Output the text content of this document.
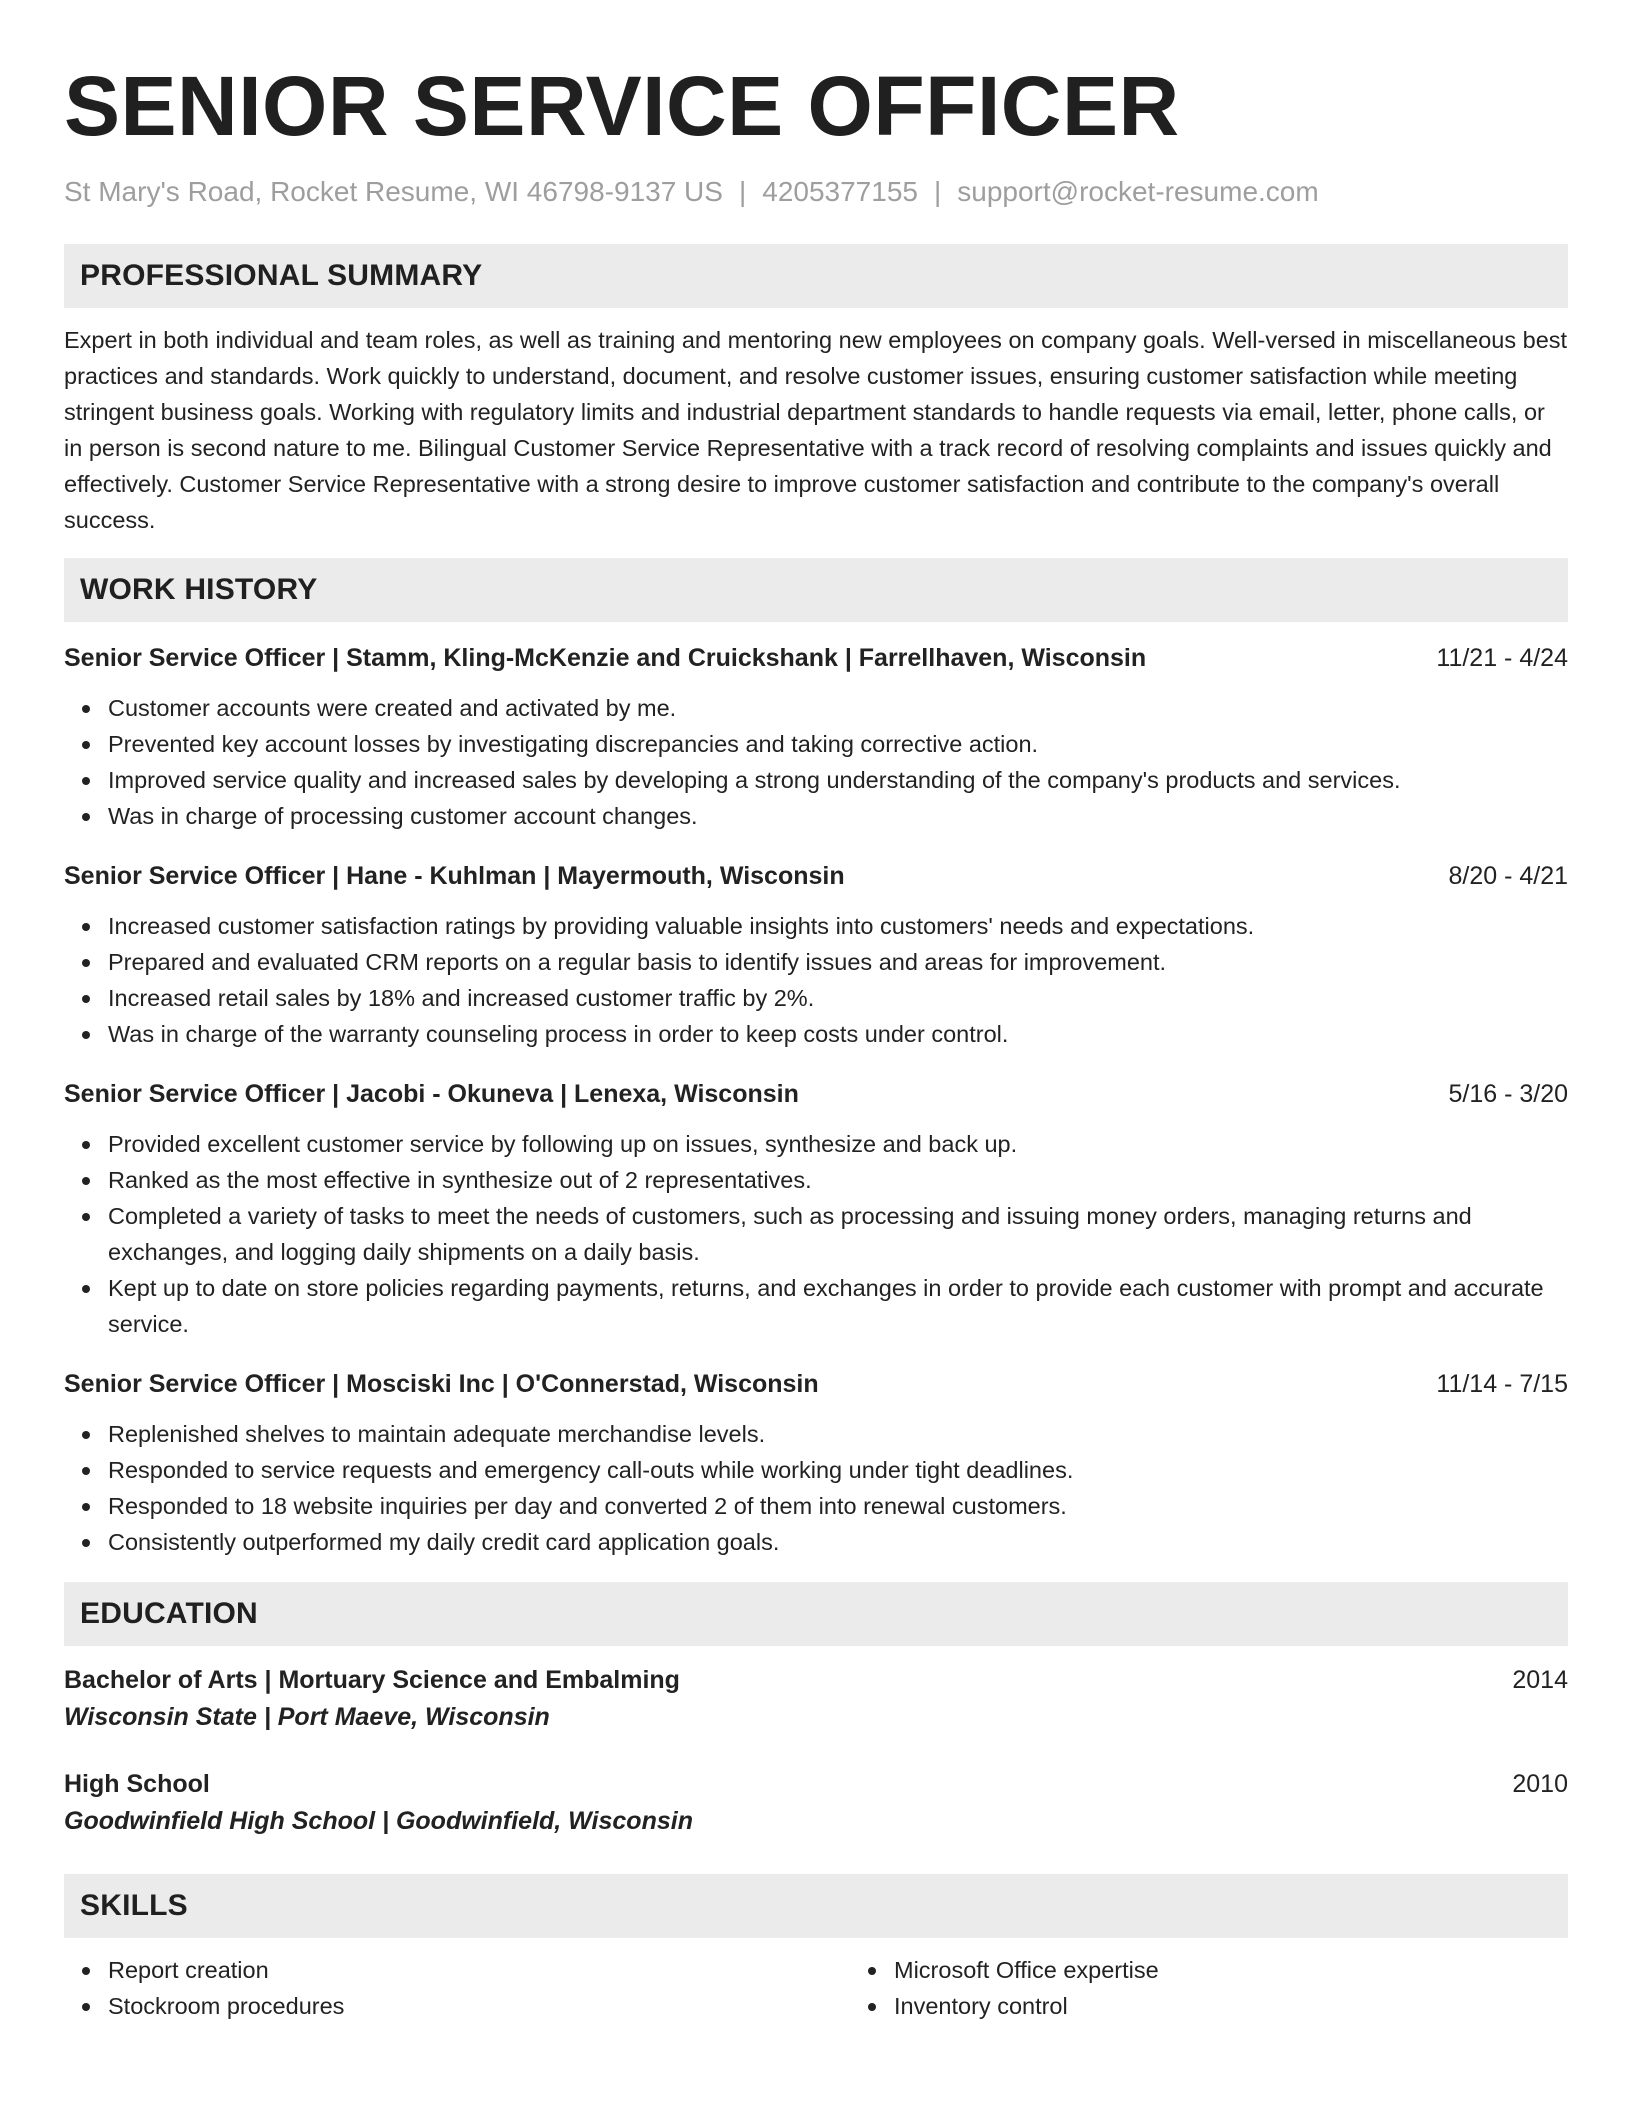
SENIOR SERVICE OFFICER
St Mary's Road, Rocket Resume, WI 46798-9137 US | 4205377155 | support@rocket-resume.com
PROFESSIONAL SUMMARY
Expert in both individual and team roles, as well as training and mentoring new employees on company goals. Well-versed in miscellaneous best practices and standards. Work quickly to understand, document, and resolve customer issues, ensuring customer satisfaction while meeting stringent business goals. Working with regulatory limits and industrial department standards to handle requests via email, letter, phone calls, or in person is second nature to me. Bilingual Customer Service Representative with a track record of resolving complaints and issues quickly and effectively. Customer Service Representative with a strong desire to improve customer satisfaction and contribute to the company's overall success.
WORK HISTORY
Senior Service Officer | Stamm, Kling-McKenzie and Cruickshank | Farrellhaven, Wisconsin	11/21 - 4/24
Customer accounts were created and activated by me.
Prevented key account losses by investigating discrepancies and taking corrective action.
Improved service quality and increased sales by developing a strong understanding of the company's products and services.
Was in charge of processing customer account changes.
Senior Service Officer | Hane - Kuhlman | Mayermouth, Wisconsin	8/20 - 4/21
Increased customer satisfaction ratings by providing valuable insights into customers' needs and expectations.
Prepared and evaluated CRM reports on a regular basis to identify issues and areas for improvement.
Increased retail sales by 18% and increased customer traffic by 2%.
Was in charge of the warranty counseling process in order to keep costs under control.
Senior Service Officer | Jacobi - Okuneva | Lenexa, Wisconsin	5/16 - 3/20
Provided excellent customer service by following up on issues, synthesize and back up.
Ranked as the most effective in synthesize out of 2 representatives.
Completed a variety of tasks to meet the needs of customers, such as processing and issuing money orders, managing returns and exchanges, and logging daily shipments on a daily basis.
Kept up to date on store policies regarding payments, returns, and exchanges in order to provide each customer with prompt and accurate service.
Senior Service Officer | Mosciski Inc | O'Connerstad, Wisconsin	11/14 - 7/15
Replenished shelves to maintain adequate merchandise levels.
Responded to service requests and emergency call-outs while working under tight deadlines.
Responded to 18 website inquiries per day and converted 2 of them into renewal customers.
Consistently outperformed my daily credit card application goals.
EDUCATION
Bachelor of Arts | Mortuary Science and Embalming	2014
Wisconsin State | Port Maeve, Wisconsin
High School	2010
Goodwinfield High School | Goodwinfield, Wisconsin
SKILLS
Report creation
Stockroom procedures
Microsoft Office expertise
Inventory control
